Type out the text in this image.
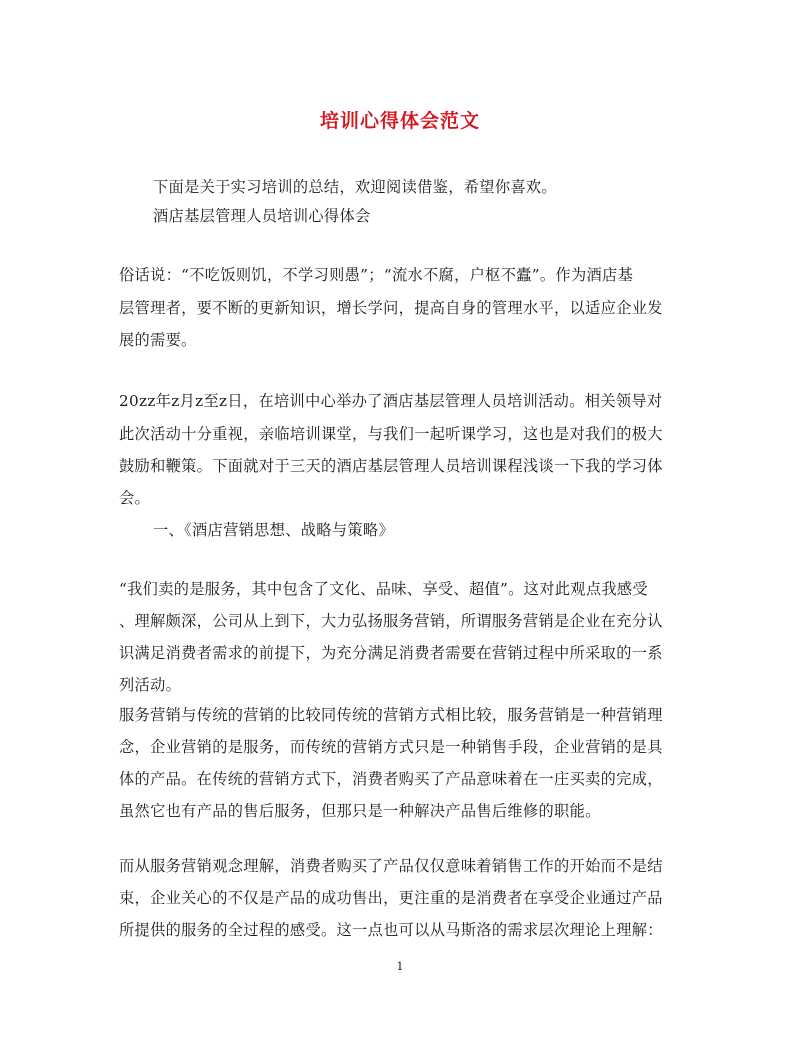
培训心得体会范文
下面是关于实习培训的总结，欢迎阅读借鉴，希望你喜欢。
酒店基层管理人员培训心得体会
俗话说：“不吃饭则饥，不学习则愚”；“流水不腐，户枢不蠹”。作为酒店基
层管理者，要不断的更新知识，增长学问，提高自身的管理水平，以适应企业发
展的需要。
20zz年z月z至z日，在培训中心举办了酒店基层管理人员培训活动。相关领导对
此次活动十分重视，亲临培训课堂，与我们一起听课学习，这也是对我们的极大
鼓励和鞭策。下面就对于三天的酒店基层管理人员培训课程浅谈一下我的学习体
会。
一、《酒店营销思想、战略与策略》
“我们卖的是服务，其中包含了文化、品味、享受、超值”。这对此观点我感受
、理解颇深，公司从上到下，大力弘扬服务营销，所谓服务营销是企业在充分认
识满足消费者需求的前提下，为充分满足消费者需要在营销过程中所采取的一系
列活动。
服务营销与传统的营销的比较同传统的营销方式相比较，服务营销是一种营销理
念，企业营销的是服务，而传统的营销方式只是一种销售手段，企业营销的是具
体的产品。在传统的营销方式下，消费者购买了产品意味着在一庄买卖的完成，
虽然它也有产品的售后服务，但那只是一种解决产品售后维修的职能。
而从服务营销观念理解，消费者购买了产品仅仅意味着销售工作的开始而不是结
束，企业关心的不仅是产品的成功售出，更注重的是消费者在享受企业通过产品
所提供的服务的全过程的感受。这一点也可以从马斯洛的需求层次理论上理解：
1
